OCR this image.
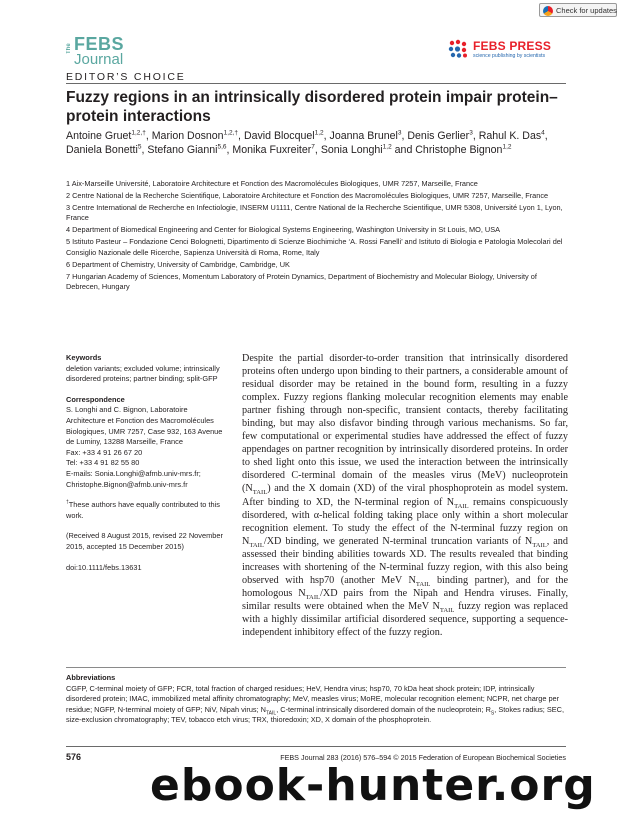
Check for updates
The FEBS
Journal
EDITOR’S CHOICE
FEBS PRESS
science publishing by scientists
Fuzzy regions in an intrinsically disordered protein impair protein–protein interactions

Antoine Gruet$^{1,2,\dagger}$, Marion Dosnon$^{1,2,\dagger}$, David Blocquel$^{1,2}$, Joanna Brunel$^3$, Denis Gerlier$^3$, Rahul K. Das$^4$, Daniela Bonetti$^5$, Stefano Gianni$^{5,6}$, Monika Fuxreiter$^7$, Sonia Longhi$^{1,2}$ and Christophe Bignon$^{1,2}$

1 Aix-Marseille Université, Laboratoire Architecture et Fonction des Macromolécules Biologiques, UMR 7257, Marseille, France
2 Centre National de la Recherche Scientifique, Laboratoire Architecture et Fonction des Macromolécules Biologiques, UMR 7257, Marseille, France
3 Centre International de Recherche en Infectiologie, INSERM U1111, Centre National de la Recherche Scientifique, UMR 5308, Université Lyon 1, Lyon, France
4 Department of Biomedical Engineering and Center for Biological Systems Engineering, Washington University in St Louis, MO, USA
5 Istituto Pasteur – Fondazione Cenci Bolognetti, Dipartimento di Scienze Biochimiche ‘A. Rossi Fanelli’ and Istituto di Biologia e Patologia Molecolari del Consiglio Nazionale delle Ricerche, Sapienza Università di Roma, Rome, Italy
6 Department of Chemistry, University of Cambridge, Cambridge, UK
7 Hungarian Academy of Sciences, Momentum Laboratory of Protein Dynamics, Department of Biochemistry and Molecular Biology, University of Debrecen, Hungary
Keywords

deletion variants; excluded volume; intrinsically disordered proteins; partner binding; split-GFP

Correspondence

S. Longhi and C. Bignon, Laboratoire Architecture et Fonction des Macromolécules Biologiques, UMR 7257, Case 932, 163 Avenue de Luminy, 13288 Marseille, France

Fax: +33 4 91 26 67 20

Tel: +33 4 91 82 55 80

E-mails: Sonia.Longhi@afmb.univ-mrs.fr; Christophe.Bignon@afmb.univ-mrs.fr

†These authors have equally contributed to this work.

(Received 8 August 2015, revised 22 November 2015, accepted 15 December 2015)

doi:10.1111/febs.13631

Despite the partial disorder-to-order transition that intrinsically disordered proteins often undergo upon binding to their partners, a considerable amount of residual disorder may be retained in the bound form, resulting in a fuzzy complex. Fuzzy regions flanking molecular recognition elements may enable partner fishing through non-specific, transient contacts, thereby facilitating binding, but may also disfavor binding through various mechanisms. So far, few computational or experimental studies have addressed the effect of fuzzy appendages on partner recognition by intrinsically disordered proteins. In order to shed light onto this issue, we used the interaction between the intrinsically disordered C-terminal domain of the measles virus (MeV) nucleoprotein $(N_{TAIL})$ and the X domain (XD) of the viral phosphoprotein as model system. After binding to XD, the N-terminal region of $N_{TAIL}$ remains conspicuously disordered, with α-helical folding taking place only within a short molecular recognition element. To study the effect of the N-terminal fuzzy region on $N_{TAIL}/XD$ binding, we generated N-terminal truncation variants of $N_{TAIL}$, and assessed their binding abilities towards XD. The results revealed that binding increases with shortening of the N-terminal fuzzy region, with this also being observed with hsp70 (another MeV $N_{TAIL}$ binding partner), and for the homologous $N_{TAIL}/XD$ pairs from the Nipah and Hendra viruses. Finally, similar results were obtained when the MeV $N_{TAIL}$ fuzzy region was replaced with a highly dissimilar artificial disordered sequence, supporting a sequence-independent inhibitory effect of the fuzzy region.

Abbreviations

CGFP, C-terminal moiety of GFP; FCR, total fraction of charged residues; HeV, Hendra virus; hsp70, 70 kDa heat shock protein; IDP, intrinsically disordered protein; IMAC, immobilized metal affinity chromatography; MeV, measles virus; MoRE, molecular recognition element; NCPR, net charge per residue; NGFP, N-terminal moiety of GFP; NiV, Nipah virus; $N_{TAIL}$, C-terminal intrinsically disordered domain of the nucleoprotein; $R_S$, Stokes radius; SEC, size-exclusion chromatography; TEV, tobacco etch virus; TRX, thioredoxin; XD, X domain of the phosphoprotein.

576	FEBS Journal 283 (2016) 576–594 © 2015 Federation of European Biochemical Societies
ebook-hunter.org
